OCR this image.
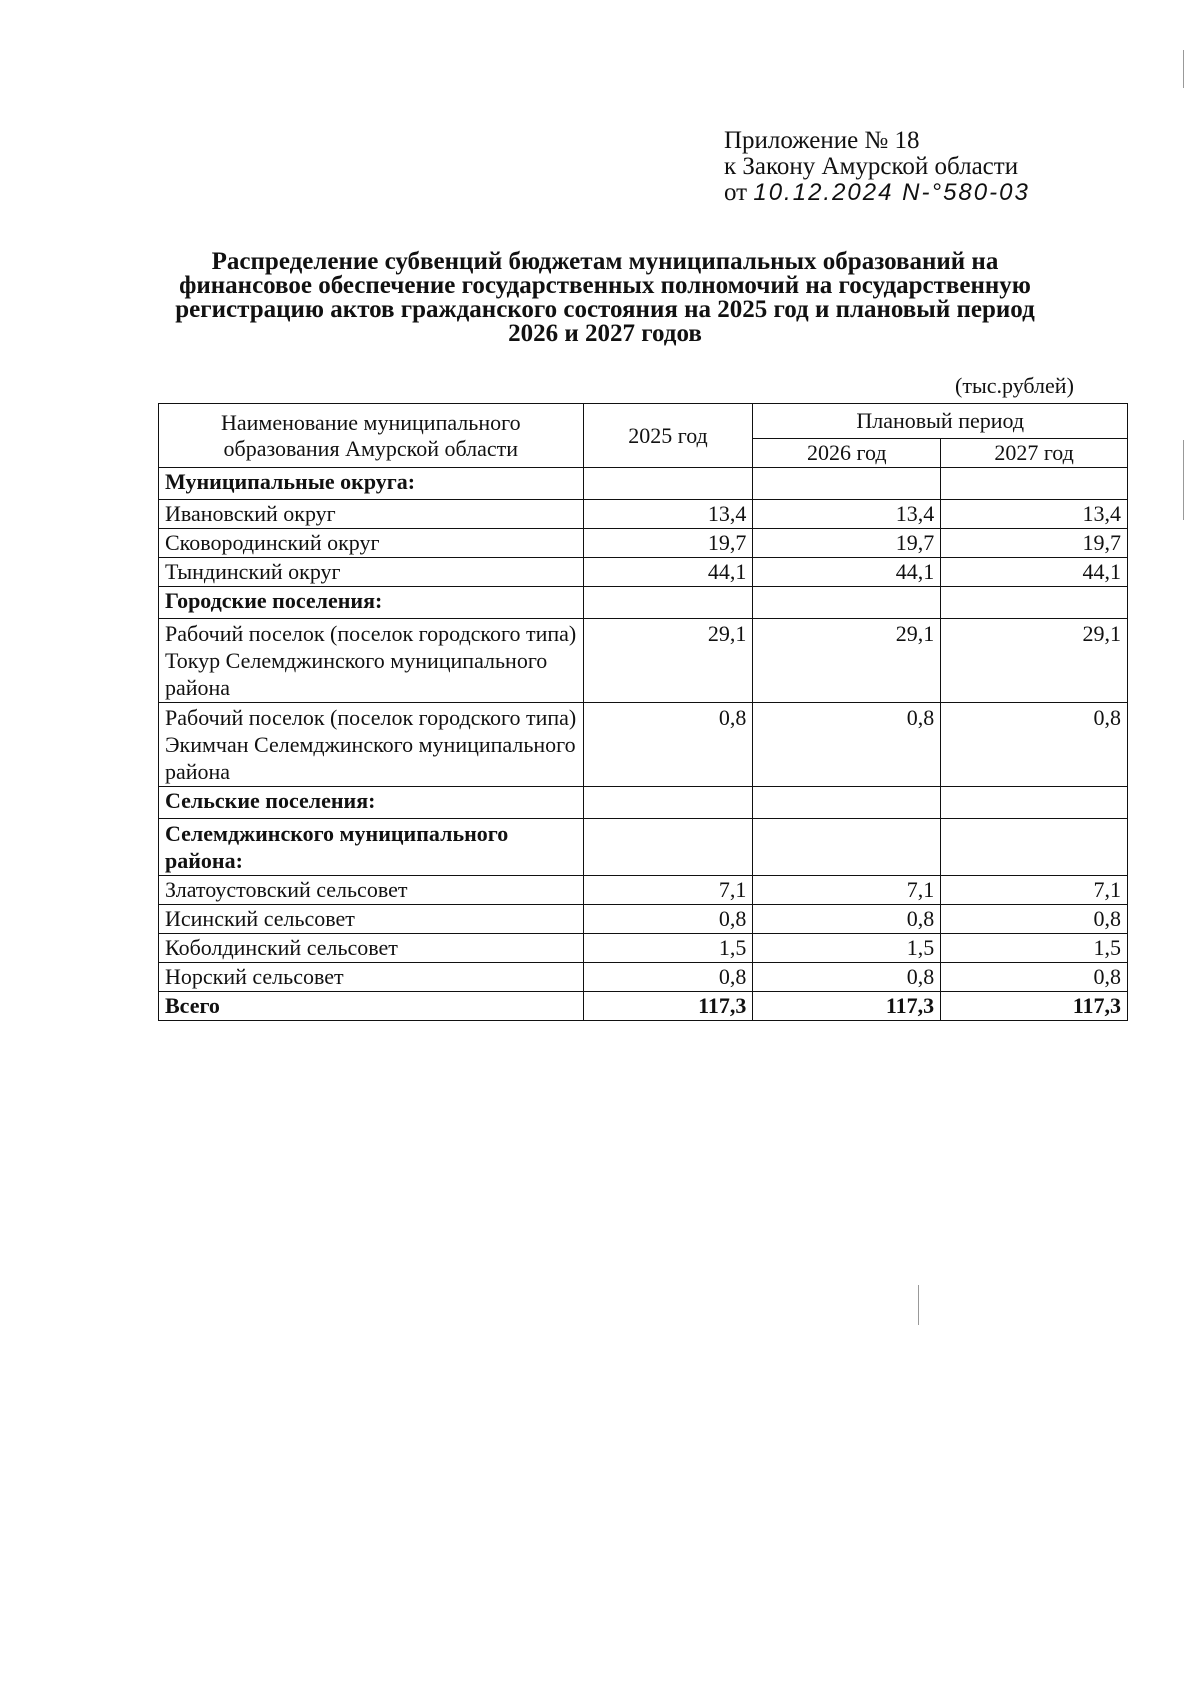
Приложение № 18
к Закону Амурской области
от 10.12.2024 N-°580-03
Распределение субвенций бюджетам муниципальных образований на финансовое обеспечение государственных полномочий на государственную регистрацию актов гражданского состояния на 2025 год и плановый период 2026 и 2027 годов
(тыс.рублей)
Наименование муниципального образования Амурской области	2025 год	Плановый период	
		2026 год	2027 год
Муниципальные округа:			
Ивановский округ	13,4	13,4	13,4
Сковородинский округ	19,7	19,7	19,7
Тындинский округ	44,1	44,1	44,1
Городские поселения:			
Рабочий поселок (поселок городского типа) Токур Селемджинского муниципального района	29,1	29,1	29,1
Рабочий поселок (поселок городского типа) Экимчан Селемджинского муниципального района	0,8	0,8	0,8
Сельские поселения:			
Селемджинского муниципального района:			
Златоустовский сельсовет	7,1	7,1	7,1
Исинский сельсовет	0,8	0,8	0,8
Коболдинский сельсовет	1,5	1,5	1,5
Норский сельсовет	0,8	0,8	0,8
Всего	117,3	117,3	117,3
